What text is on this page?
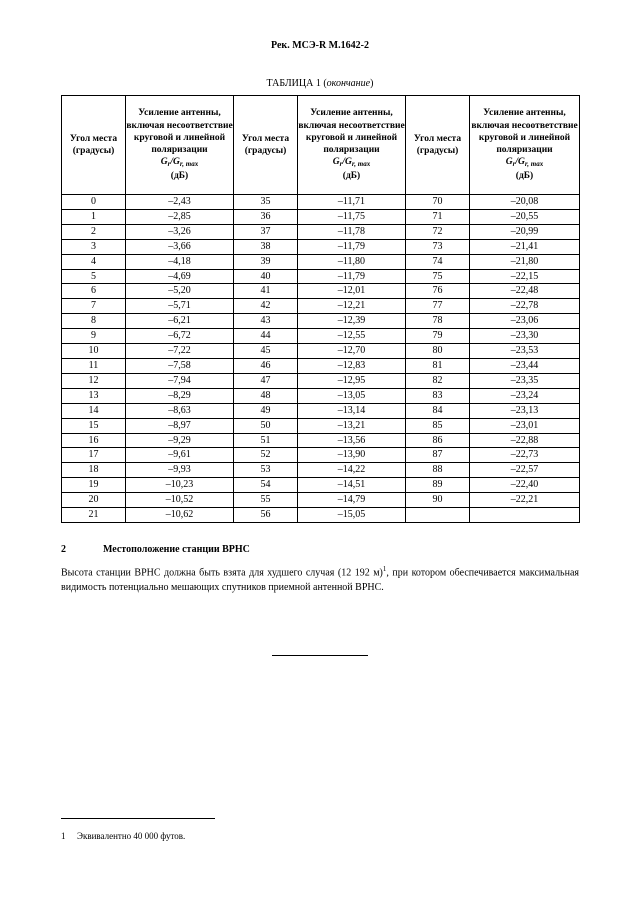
Рек. МСЭ-R M.1642-2
ТАБЛИЦА 1 (окончание)
Угол места (градусы)	Усиление антенны, включая несоответствие круговой и линейной поляризации
$G_r/G_{r, max}$
(дБ)	Угол места (градусы)	Усиление антенны, включая несоответствие круговой и линейной поляризации
$G_r/G_{r, max}$
(дБ)	Угол места (градусы)	Усиление антенны, включая несоответствие круговой и линейной поляризации
$G_r/G_{r, max}$
(дБ)
0	–2,43	35	–11,71	70	–20,08
1	–2,85	36	–11,75	71	–20,55
2	–3,26	37	–11,78	72	–20,99
3	–3,66	38	–11,79	73	–21,41
4	–4,18	39	–11,80	74	–21,80
5	–4,69	40	–11,79	75	–22,15
6	–5,20	41	–12,01	76	–22,48
7	–5,71	42	–12,21	77	–22,78
8	–6,21	43	–12,39	78	–23,06
9	–6,72	44	–12,55	79	–23,30
10	–7,22	45	–12,70	80	–23,53
11	–7,58	46	–12,83	81	–23,44
12	–7,94	47	–12,95	82	–23,35
13	–8,29	48	–13,05	83	–23,24
14	–8,63	49	–13,14	84	–23,13
15	–8,97	50	–13,21	85	–23,01
16	–9,29	51	–13,56	86	–22,88
17	–9,61	52	–13,90	87	–22,73
18	–9,93	53	–14,22	88	–22,57
19	–10,23	54	–14,51	89	–22,40
20	–10,52	55	–14,79	90	–22,21
21	–10,62	56	–15,05		
2	Местоположение станции ВРНС
Высота станции ВРНС должна быть взята для худшего случая (12 192 м)$^1$, при котором обеспечивается максимальная видимость потенциально мешающих спутников приемной антенной ВРНС.
1 Эквивалентно 40 000 футов.
